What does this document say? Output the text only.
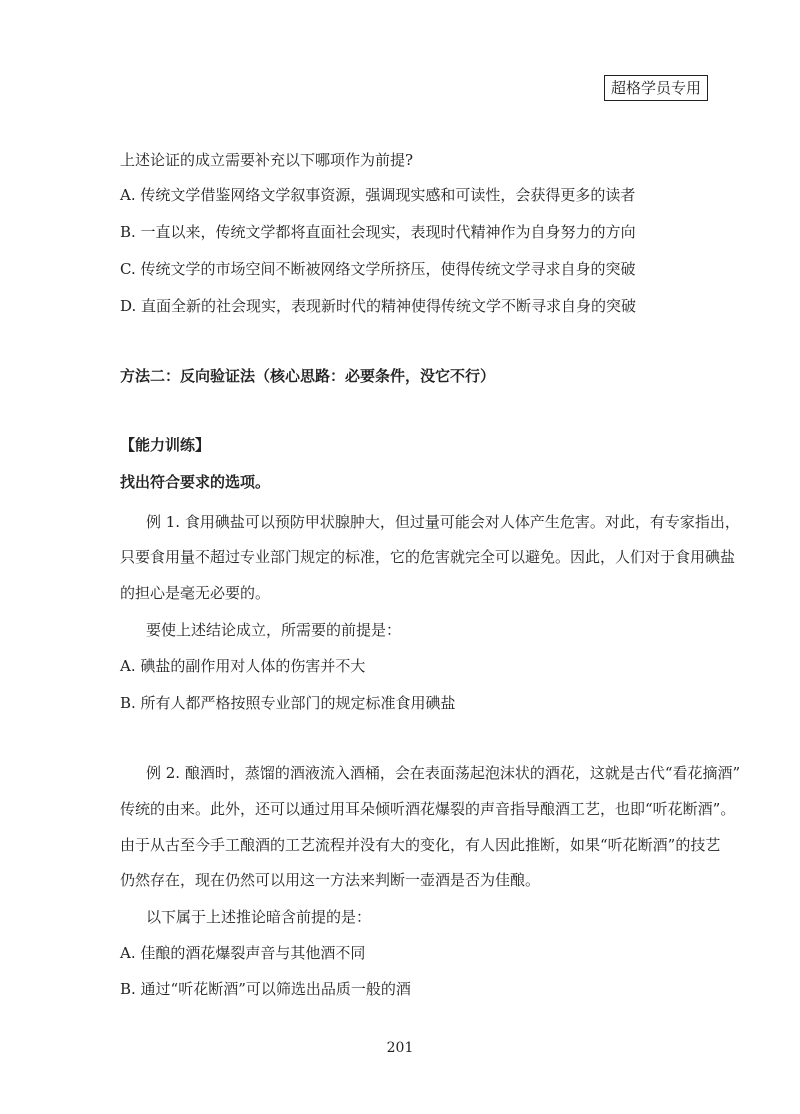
超格学员专用
上述论证的成立需要补充以下哪项作为前提?
A. 传统文学借鉴网络文学叙事资源，强调现实感和可读性，会获得更多的读者
B. 一直以来，传统文学都将直面社会现实，表现时代精神作为自身努力的方向
C. 传统文学的市场空间不断被网络文学所挤压，使得传统文学寻求自身的突破
D. 直面全新的社会现实，表现新时代的精神使得传统文学不断寻求自身的突破
方法二：反向验证法（核心思路：必要条件，没它不行）
【能力训练】
找出符合要求的选项。
例 1. 食用碘盐可以预防甲状腺肿大，但过量可能会对人体产生危害。对此，有专家指出，
只要食用量不超过专业部门规定的标准，它的危害就完全可以避免。因此，人们对于食用碘盐
的担心是毫无必要的。
要使上述结论成立，所需要的前提是：
A. 碘盐的副作用对人体的伤害并不大
B. 所有人都严格按照专业部门的规定标准食用碘盐
例 2. 酿酒时，蒸馏的酒液流入酒桶，会在表面荡起泡沫状的酒花，这就是古代“看花摘酒”
传统的由来。此外，还可以通过用耳朵倾听酒花爆裂的声音指导酿酒工艺，也即“听花断酒”。
由于从古至今手工酿酒的工艺流程并没有大的变化，有人因此推断，如果“听花断酒”的技艺
仍然存在，现在仍然可以用这一方法来判断一壶酒是否为佳酿。
以下属于上述推论暗含前提的是：
A. 佳酿的酒花爆裂声音与其他酒不同
B. 通过“听花断酒”可以筛选出品质一般的酒
201
